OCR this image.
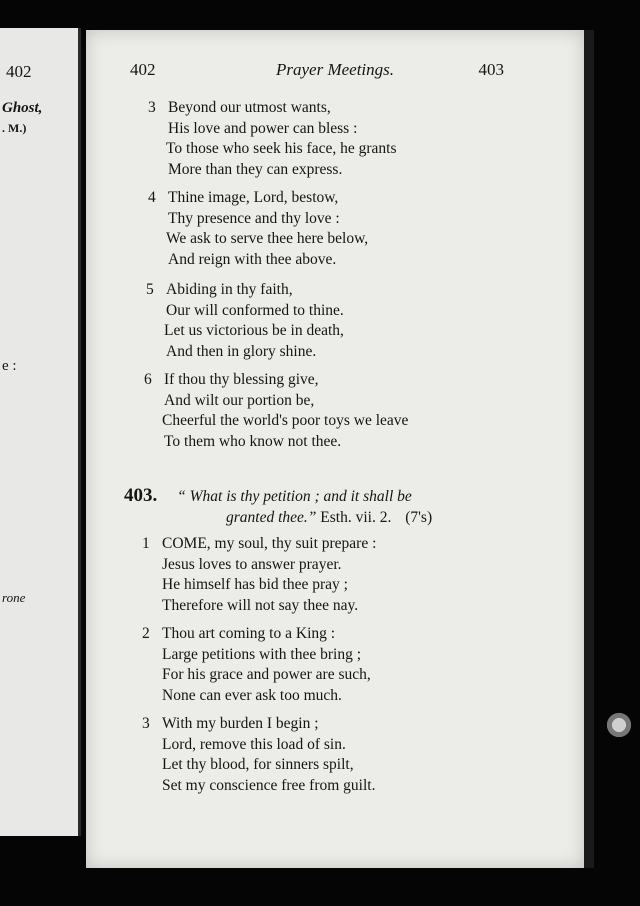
402
Ghost,
. M.)
e :
rone
402	Prayer Meetings.	403
3 Beyond our utmost wants,
His love and power can bless :
To those who seek his face, he grants
More than they can express.
4 Thine image, Lord, bestow,
Thy presence and thy love :
We ask to serve thee here below,
And reign with thee above.
5 Abiding in thy faith,
Our will conformed to thine.
Let us victorious be in death,
And then in glory shine.
6 If thou thy blessing give,
And wilt our portion be,
Cheerful the world's poor toys we leave
To them who know not thee.
403. “ What is thy petition ; and it shall be
granted thee.” Esth. vii. 2. (7's)
1 COME, my soul, thy suit prepare :
Jesus loves to answer prayer.
He himself has bid thee pray ;
Therefore will not say thee nay.
2 Thou art coming to a King :
Large petitions with thee bring ;
For his grace and power are such,
None can ever ask too much.
3 With my burden I begin ;
Lord, remove this load of sin.
Let thy blood, for sinners spilt,
Set my conscience free from guilt.
